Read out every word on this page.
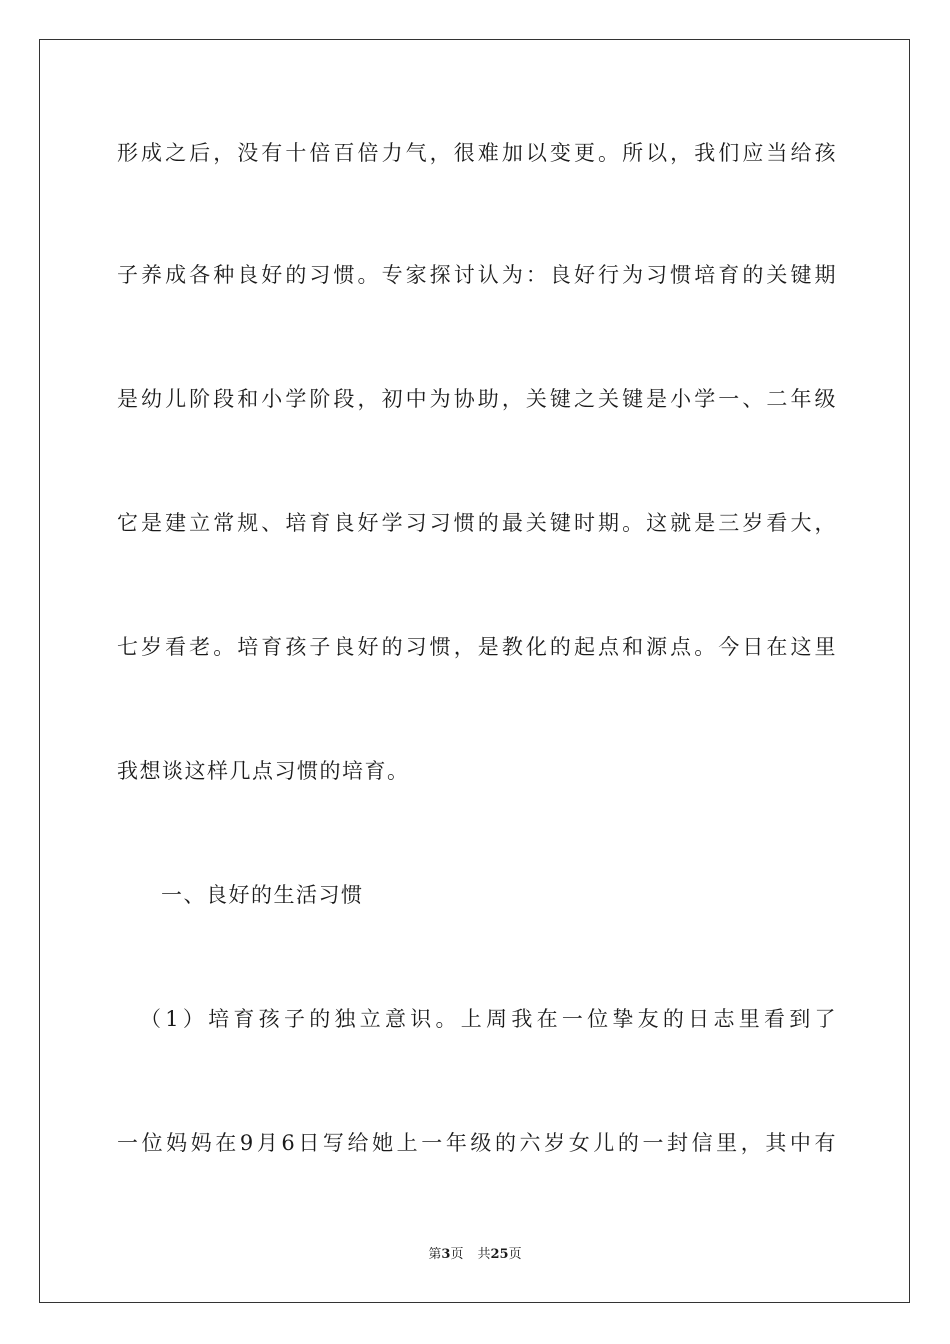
形成之后，没有十倍百倍力气，很难加以变更。所以，我们应当给孩
子养成各种良好的习惯。专家探讨认为：良好行为习惯培育的关键期
是幼儿阶段和小学阶段，初中为协助，关键之关键是小学一、二年级
它是建立常规、培育良好学习习惯的最关键时期。这就是三岁看大，
七岁看老。培育孩子良好的习惯，是教化的起点和源点。今日在这里
我想谈这样几点习惯的培育。
一、良好的生活习惯
（1）培育孩子的独立意识。上周我在一位挚友的日志里看到了
一位妈妈在9月6日写给她上一年级的六岁女儿的一封信里，其中有
第3页 共25页
